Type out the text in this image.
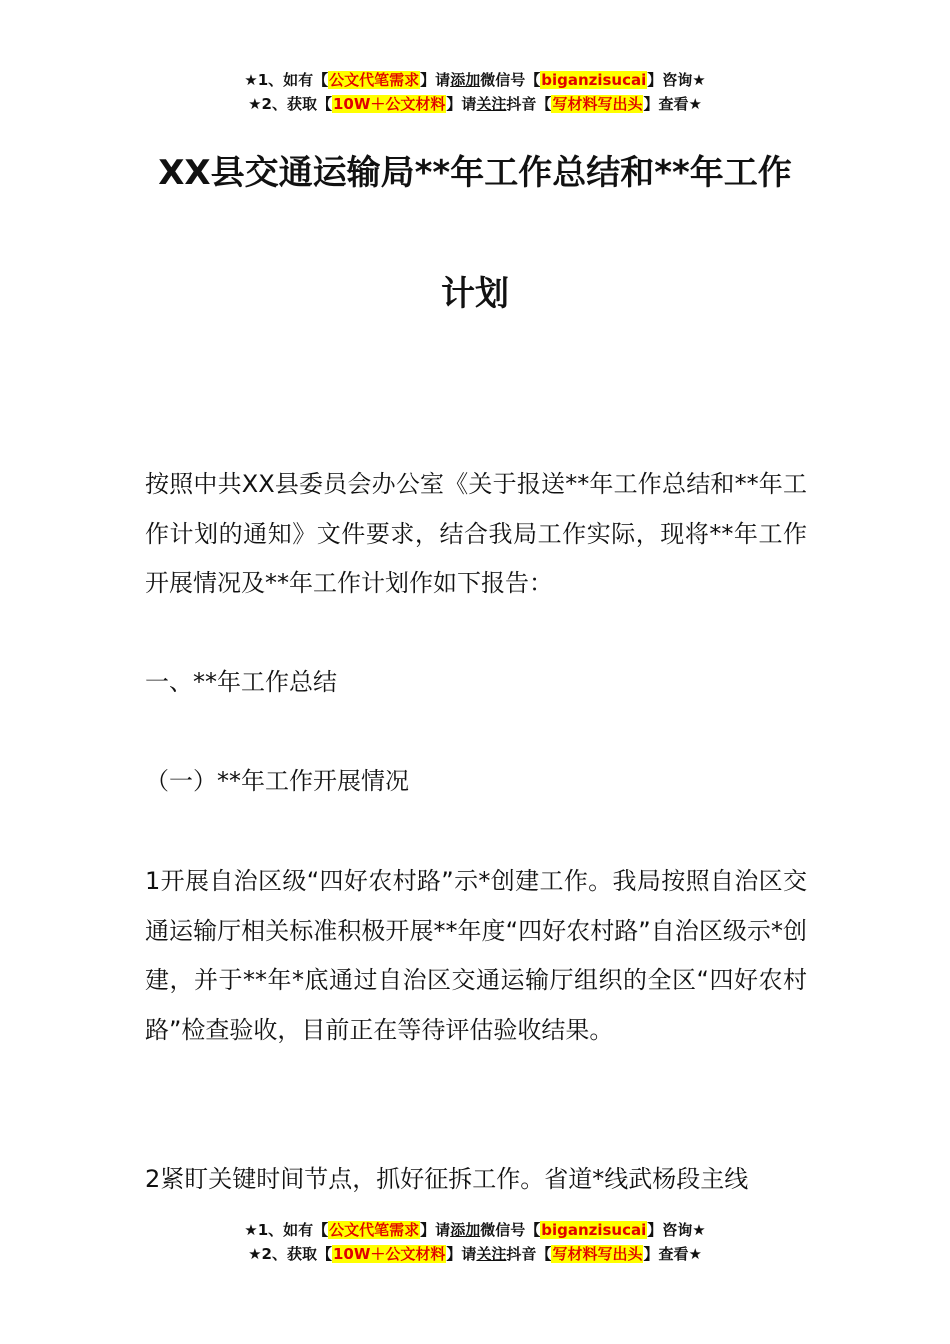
★1、如有【公文代笔需求】请添加微信号【biganzisucai】咨询★
★2、获取【10W＋公文材料】请关注抖音【写材料写出头】查看★
XX县交通运输局**年工作总结和**年工作
计划
按照中共XX县委员会办公室《关于报送**年工作总结和**年工作计划的通知》文件要求，结合我局工作实际，现将**年工作开展情况及**年工作计划作如下报告：
一、**年工作总结
（一）**年工作开展情况
1开展自治区级“四好农村路”示*创建工作。我局按照自治区交通运输厅相关标准积极开展**年度“四好农村路”自治区级示*创建，并于**年*底通过自治区交通运输厅组织的全区“四好农村路”检查验收，目前正在等待评估验收结果。
2紧盯关键时间节点，抓好征拆工作。省道*线武杨段主线
★1、如有【公文代笔需求】请添加微信号【biganzisucai】咨询★
★2、获取【10W＋公文材料】请关注抖音【写材料写出头】查看★
